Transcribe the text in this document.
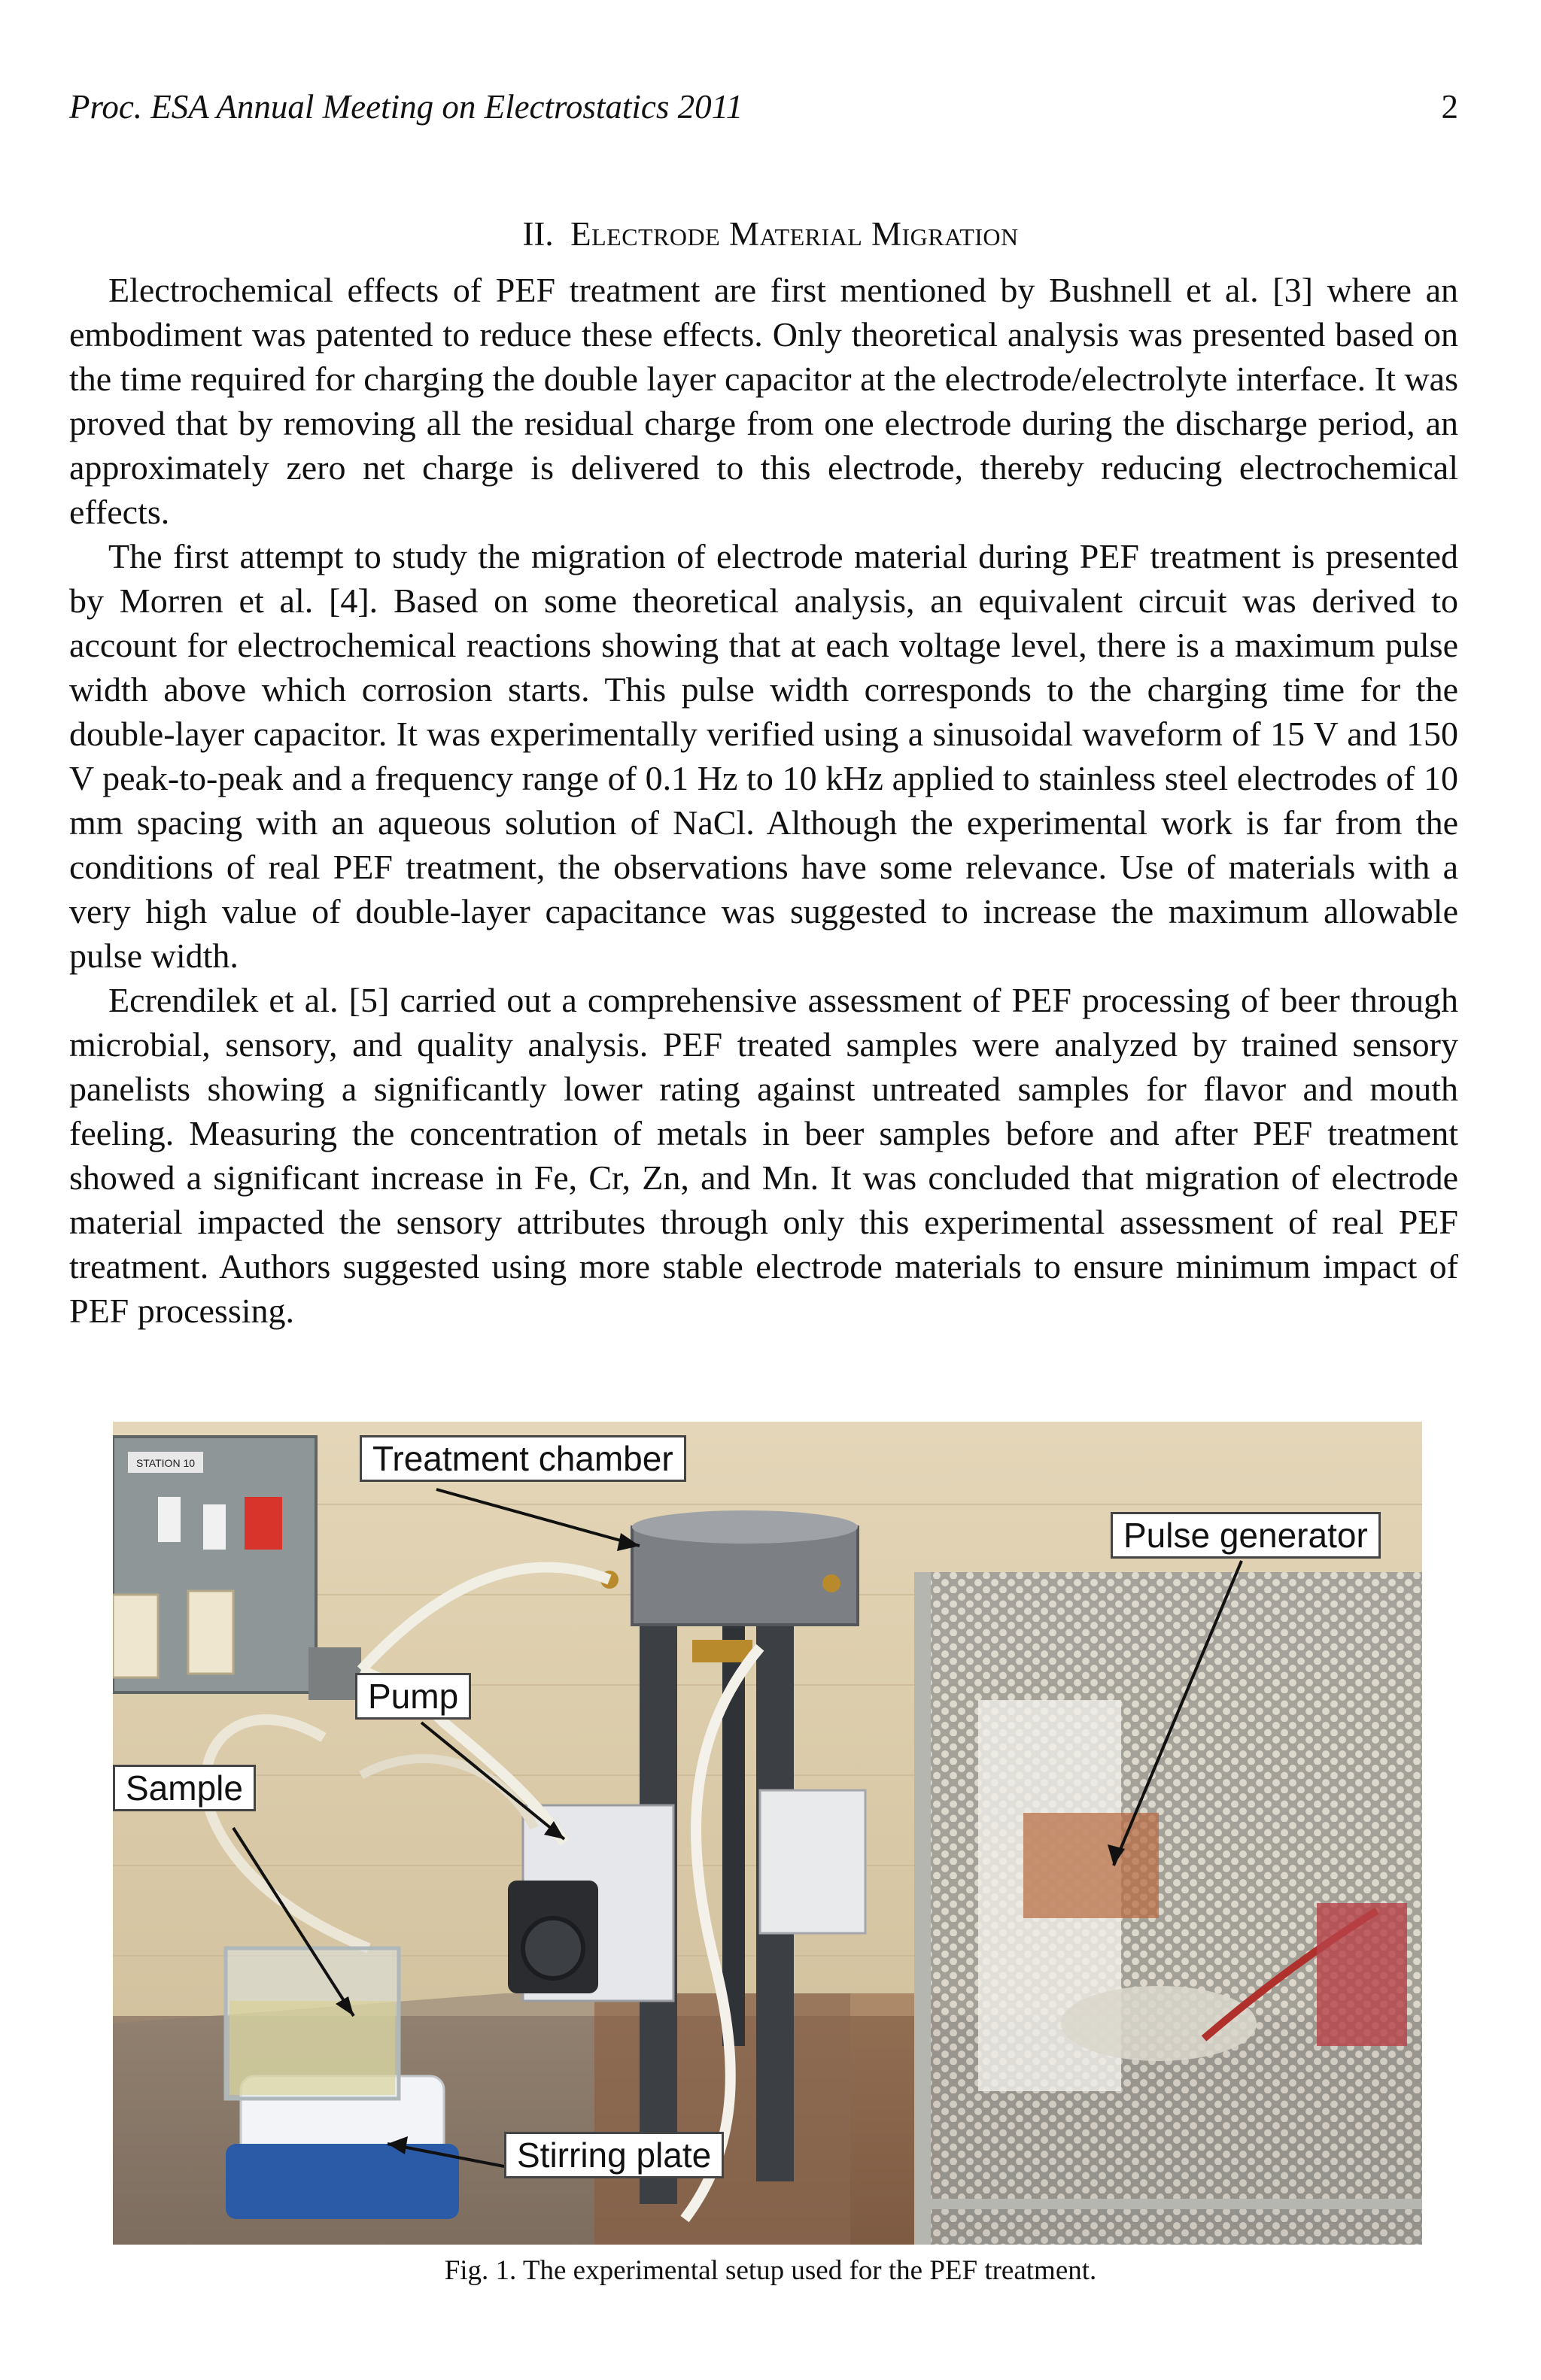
Proc. ESA Annual Meeting on Electrostatics 2011	2
II. Electrode Material Migration

Electrochemical effects of PEF treatment are first mentioned by Bushnell et al. [3] where an embodiment was patented to reduce these effects. Only theoretical analysis was presented based on the time required for charging the double layer capacitor at the electrode/electrolyte interface. It was proved that by removing all the residual charge from one electrode during the discharge period, an approximately zero net charge is delivered to this electrode, thereby reducing electrochemical effects.

The first attempt to study the migration of electrode material during PEF treatment is presented by Morren et al. [4]. Based on some theoretical analysis, an equivalent circuit was derived to account for electrochemical reactions showing that at each voltage level, there is a maximum pulse width above which corrosion starts. This pulse width corresponds to the charging time for the double-layer capacitor. It was experimentally verified using a sinusoidal waveform of 15 V and 150 V peak-to-peak and a frequency range of 0.1 Hz to 10 kHz applied to stainless steel electrodes of 10 mm spacing with an aqueous solution of NaCl. Although the experimental work is far from the conditions of real PEF treatment, the observations have some relevance. Use of materials with a very high value of double-layer capacitance was suggested to increase the maximum allowable pulse width.

Ecrendilek et al. [5] carried out a comprehensive assessment of PEF processing of beer through microbial, sensory, and quality analysis. PEF treated samples were analyzed by trained sensory panelists showing a significantly lower rating against untreated samples for flavor and mouth feeling. Measuring the concentration of metals in beer samples before and after PEF treatment showed a significant increase in Fe, Cr, Zn, and Mn. It was concluded that migration of electrode material impacted the sensory attributes through only this experimental assessment of real PEF treatment. Authors suggested using more stable electrode materials to ensure minimum impact of PEF processing.

STATION 10	Treatment chamber
Pulse generator
Pump
Sample
Stirring plate
Fig. 1. The experimental setup used for the PEF treatment.
